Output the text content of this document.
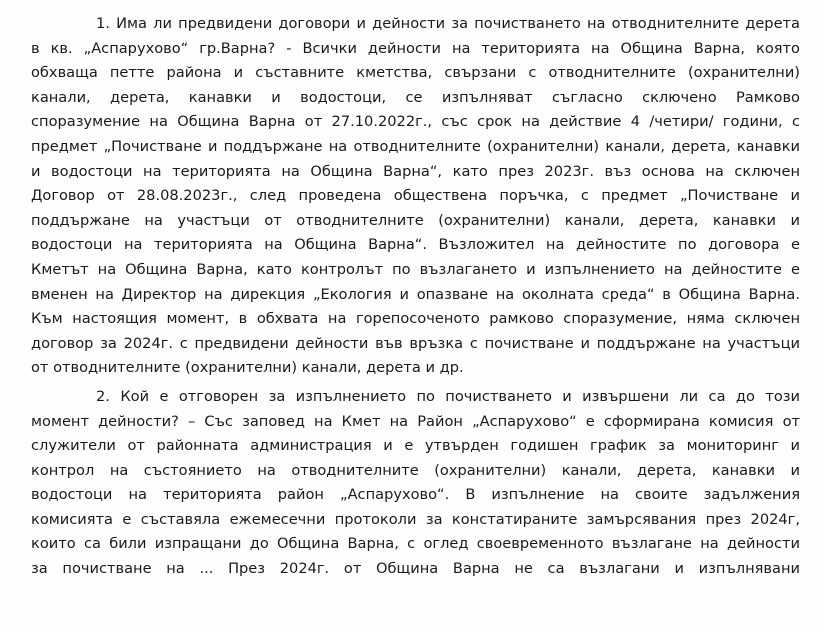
1. Има ли предвидени договори и дейности за почистването на отводнителните дерета
в кв. „Аспарухово“ гр.Варна? - Всички дейности на територията на Община Варна, която
обхваща петте района и съставните кметства, свързани с отводнителните (охранителни)
канали, дерета, канавки и водостоци, се изпълняват съгласно сключено Рамково
споразумение на Община Варна от 27.10.2022г., със срок на действие 4 /четири/ години, с
предмет „Почистване и поддържане на отводнителните (охранителни) канали, дерета, канавки
и водостоци на територията на Община Варна“, като през 2023г. въз основа на сключен
Договор от 28.08.2023г., след проведена обществена поръчка, с предмет „Почистване и
поддържане на участъци от отводнителните (охранителни) канали, дерета, канавки и
водостоци на територията на Община Варна“. Възложител на дейностите по договора е
Кметът на Община Варна, като контролът по възлагането и изпълнението на дейностите е
вменен на Директор на дирекция „Екология и опазване на околната среда“ в Община Варна.
Към настоящия момент, в обхвата на горепосоченото рамково споразумение, няма сключен
договор за 2024г. с предвидени дейности във връзка с почистване и поддържане на участъци
от отводнителните (охранителни) канали, дерета и др.
2. Кой е отговорен за изпълнението по почистването и извършени ли са до този
момент дейности? – Със заповед на Кмет на Район „Аспарухово“ е сформирана комисия от
служители от районната администрация и е утвърден годишен график за мониторинг и
контрол на състоянието на отводнителните (охранителни) канали, дерета, канавки и
водостоци на територията район „Аспарухово“. В изпълнение на своите задължения
комисията е съставяла ежемесечни протоколи за констатираните замърсявания през 2024г,
които са били изпращани до Община Варна, с оглед своевременното възлагане на дейности
за почистване на ... През 2024г. от Община Варна не са възлагани и изпълнявани
